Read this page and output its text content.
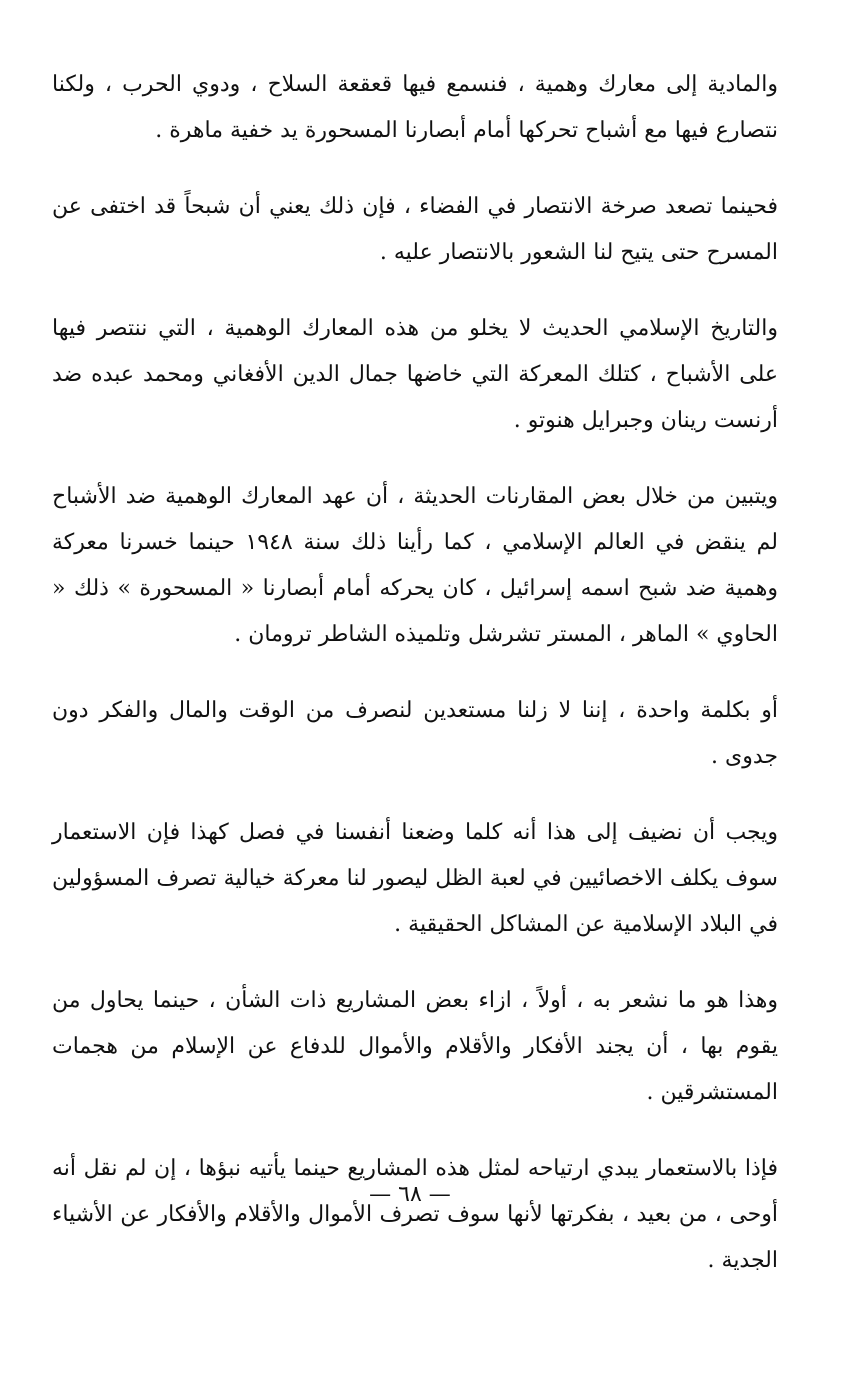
والمادية إلى معارك وهمية ، فنسمع فيها قعقعة السلاح ، ودوي الحرب ، ولكنا نتصارع فيها مع أشباح تحركها أمام أبصارنا المسحورة يد خفية ماهرة .

فحينما تصعد صرخة الانتصار في الفضاء ، فإن ذلك يعني أن شبحاً قد اختفى عن المسرح حتى يتيح لنا الشعور بالانتصار عليه .

والتاريخ الإسلامي الحديث لا يخلو من هذه المعارك الوهمية ، التي ننتصر فيها على الأشباح ، كتلك المعركة التي خاضها جمال الدين الأفغاني ومحمد عبده ضد أرنست رينان وجبرايل هنوتو .

ويتبين من خلال بعض المقارنات الحديثة ، أن عهد المعارك الوهمية ضد الأشباح لم ينقض في العالم الإسلامي ، كما رأينا ذلك سنة ١٩٤٨ حينما خسرنا معركة وهمية ضد شبح اسمه إسرائيل ، كان يحركه أمام أبصارنا « المسحورة » ذلك « الحاوي » الماهر ، المستر تشرشل وتلميذه الشاطر ترومان .

أو بكلمة واحدة ، إننا لا زلنا مستعدين لنصرف من الوقت والمال والفكر دون جدوى .

ويجب أن نضيف إلى هذا أنه كلما وضعنا أنفسنا في فصل كهذا فإن الاستعمار سوف يكلف الاخصائيين في لعبة الظل ليصور لنا معركة خيالية تصرف المسؤولين في البلاد الإسلامية عن المشاكل الحقيقية .

وهذا هو ما نشعر به ، أولاً ، ازاء بعض المشاريع ذات الشأن ، حينما يحاول من يقوم بها ، أن يجند الأفكار والأقلام والأموال للدفاع عن الإسلام من هجمات المستشرقين .

فإذا بالاستعمار يبدي ارتياحه لمثل هذه المشاريع حينما يأتيه نبؤها ، إن لم نقل أنه أوحى ، من بعيد ، بفكرتها لأنها سوف تصرف الأموال والأقلام والأفكار عن الأشياء الجدية .

— ٦٨ —
